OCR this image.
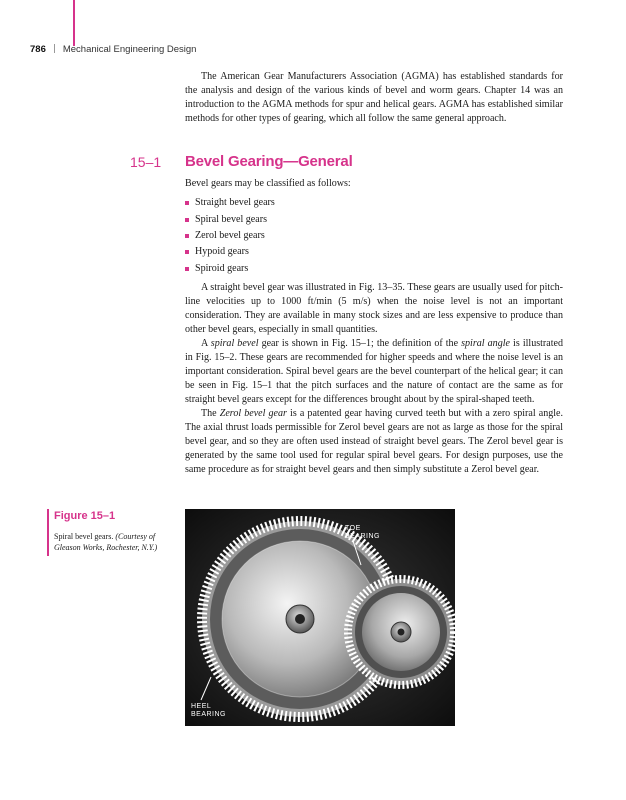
786 Mechanical Engineering Design

The American Gear Manufacturers Association (AGMA) has established standards for the analysis and design of the various kinds of bevel and worm gears. Chapter 14 was an introduction to the AGMA methods for spur and helical gears. AGMA has established similar methods for other types of gearing, which all follow the same general approach.

15–1 Bevel Gearing—General

Bevel gears may be classified as follows:

Straight bevel gears
Spiral bevel gears
Zerol bevel gears
Hypoid gears
Spiroid gears

A straight bevel gear was illustrated in Fig. 13–35. These gears are usually used for pitch-line velocities up to 1000 ft/min (5 m/s) when the noise level is not an important consideration. They are available in many stock sizes and are less expensive to produce than other bevel gears, especially in small quantities.

A spiral bevel gear is shown in Fig. 15–1; the definition of the spiral angle is illustrated in Fig. 15–2. These gears are recommended for higher speeds and where the noise level is an important consideration. Spiral bevel gears are the bevel counterpart of the helical gear; it can be seen in Fig. 15–1 that the pitch surfaces and the nature of contact are the same as for straight bevel gears except for the differences brought about by the spiral-shaped teeth.

The Zerol bevel gear is a patented gear having curved teeth but with a zero spiral angle. The axial thrust loads permissible for Zerol bevel gears are not as large as those for the spiral bevel gear, and so they are often used instead of straight bevel gears. The Zerol bevel gear is generated by the same tool used for regular spiral bevel gears. For design purposes, use the same procedure as for straight bevel gears and then simply substitute a Zerol bevel gear.

Figure 15–1
Spiral bevel gears. (Courtesy of Gleason Works, Rochester, N.Y.)
TOE
BEARING
HEEL
BEARING
